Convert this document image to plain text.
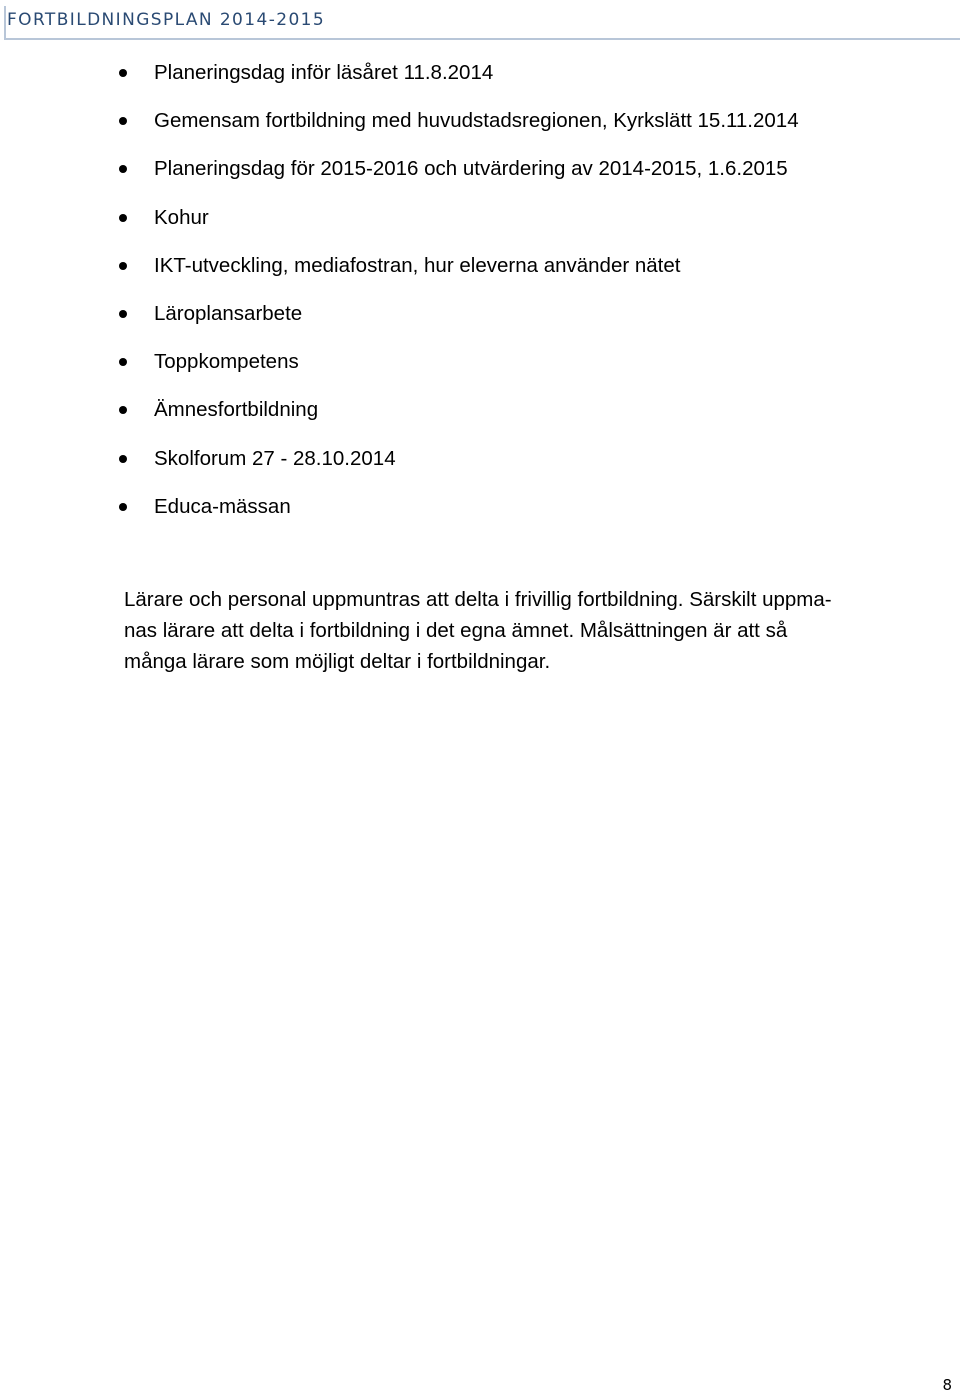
FORTBILDNINGSPLAN 2014-2015
Planeringsdag inför läsåret 11.8.2014
Gemensam fortbildning med huvudstadsregionen, Kyrkslätt 15.11.2014
Planeringsdag för 2015-2016 och utvärdering av 2014-2015, 1.6.2015
Kohur
IKT-utveckling, mediafostran, hur eleverna använder nätet
Läroplansarbete
Toppkompetens
Ämnesfortbildning
Skolforum 27 - 28.10.2014
Educa-mässan

Lärare och personal uppmuntras att delta i frivillig fortbildning. Särskilt uppma-
nas lärare att delta i fortbildning i det egna ämnet. Målsättningen är att så
många lärare som möjligt deltar i fortbildningar.

8
